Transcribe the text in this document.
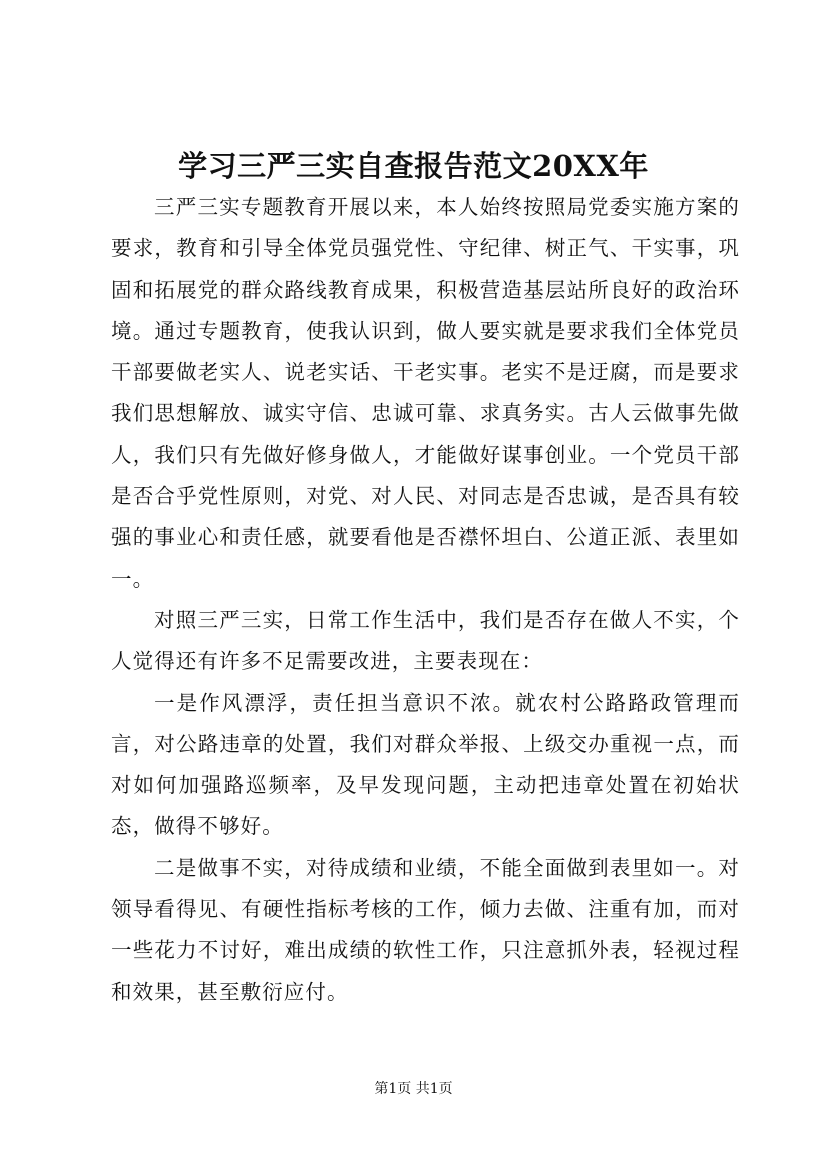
学习三严三实自查报告范文20XX年

三严三实专题教育开展以来，本人始终按照局党委实施方案的要求，教育和引导全体党员强党性、守纪律、树正气、干实事，巩固和拓展党的群众路线教育成果，积极营造基层站所良好的政治环境。通过专题教育，使我认识到，做人要实就是要求我们全体党员干部要做老实人、说老实话、干老实事。老实不是迂腐，而是要求我们思想解放、诚实守信、忠诚可靠、求真务实。古人云做事先做人，我们只有先做好修身做人，才能做好谋事创业。一个党员干部是否合乎党性原则，对党、对人民、对同志是否忠诚，是否具有较强的事业心和责任感，就要看他是否襟怀坦白、公道正派、表里如一。

对照三严三实，日常工作生活中，我们是否存在做人不实，个人觉得还有许多不足需要改进，主要表现在：

一是作风漂浮，责任担当意识不浓。就农村公路路政管理而言，对公路违章的处置，我们对群众举报、上级交办重视一点，而对如何加强路巡频率，及早发现问题，主动把违章处置在初始状态，做得不够好。

二是做事不实，对待成绩和业绩，不能全面做到表里如一。对领导看得见、有硬性指标考核的工作，倾力去做、注重有加，而对一些花力不讨好，难出成绩的软性工作，只注意抓外表，轻视过程和效果，甚至敷衍应付。

第1页 共1页
